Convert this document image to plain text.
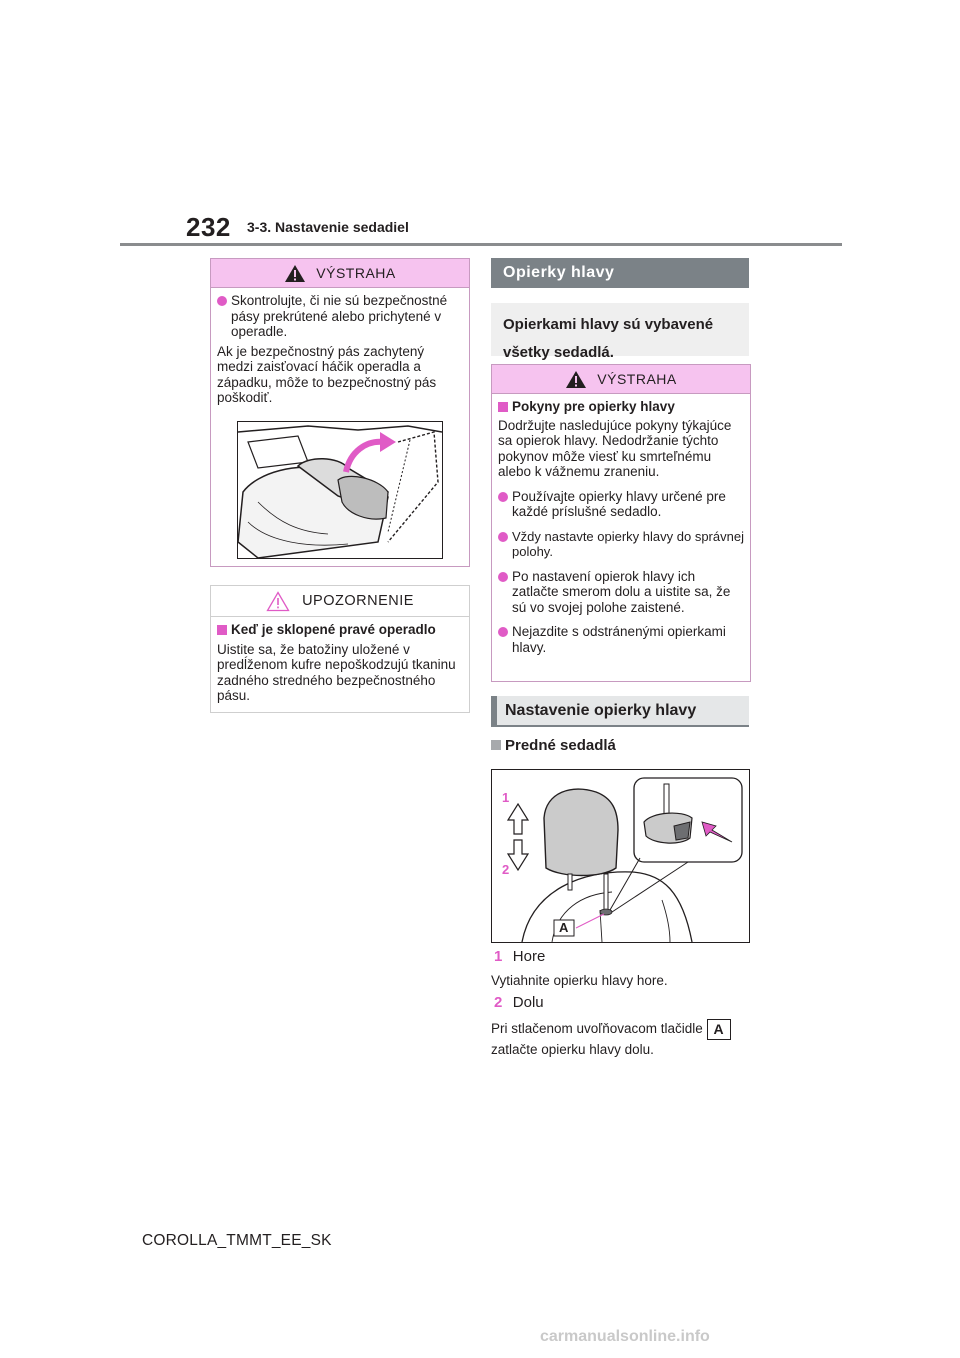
232 3-3. Nastavenie sedadiel
VÝSTRAHA
Skontrolujte, či nie sú bezpečnostné pásy prekrútené alebo prichytené v operadle.
Ak je bezpečnostný pás zachytený medzi zaisťovací háčik operadla a západku, môže to bezpečnostný pás poškodiť.
UPOZORNENIE
Keď je sklopené pravé operadlo
Uistite sa, že batožiny uložené v predĺženom kufre nepoškodzujú tkaninu zadného stredného bezpečnostného pásu.
Opierky hlavy
Opierkami hlavy sú vybavené všetky sedadlá.
VÝSTRAHA
Pokyny pre opierky hlavy
Dodržujte nasledujúce pokyny týkajúce sa opierok hlavy. Nedodržanie týchto pokynov môže viesť ku smrteľnému alebo k vážnemu zraneniu.
Používajte opierky hlavy určené pre každé príslušné sedadlo.
Vždy nastavte opierky hlavy do správnej polohy.
Po nastavení opierok hlavy ich zatlačte smerom dolu a uistite sa, že sú vo svojej polohe zaistené.
Nejazdite s odstránenými opierkami hlavy.
Nastavenie opierky hlavy
Predné sedadlá
1
2
A
1 Hore
Vytiahnite opierku hlavy hore.
2 Dolu
Pri stlačenom uvoľňovacom tlačidle A
zatlačte opierku hlavy dolu.
COROLLA_TMMT_EE_SK
carmanualsonline.info
